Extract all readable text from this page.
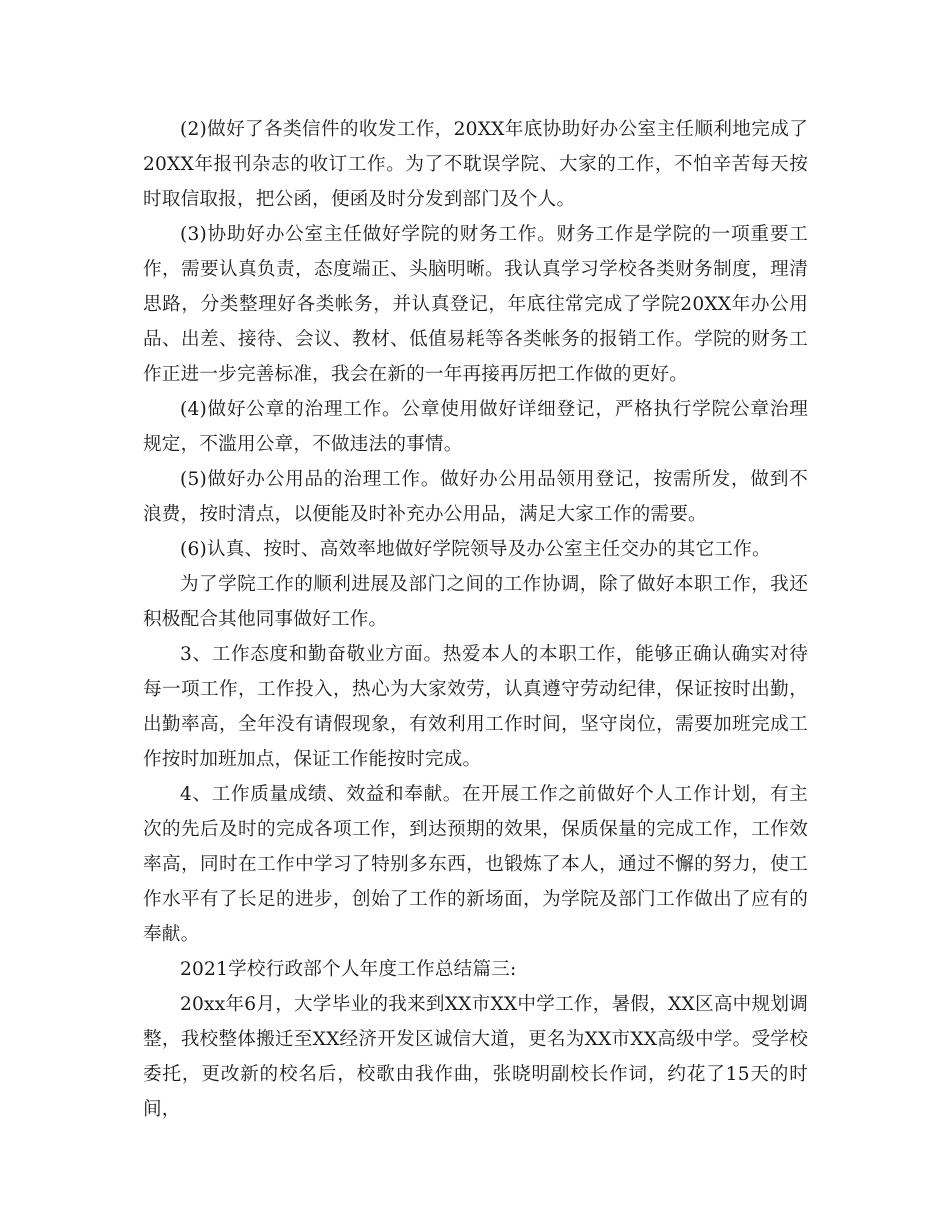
(2)做好了各类信件的收发工作，20XX年底协助好办公室主任顺利地完成了20XX年报刊杂志的收订工作。为了不耽误学院、大家的工作，不怕辛苦每天按时取信取报，把公函，便函及时分发到部门及个人。

(3)协助好办公室主任做好学院的财务工作。财务工作是学院的一项重要工作，需要认真负责，态度端正、头脑明晰。我认真学习学校各类财务制度，理清思路，分类整理好各类帐务，并认真登记，年底往常完成了学院20XX年办公用品、出差、接待、会议、教材、低值易耗等各类帐务的报销工作。学院的财务工作正进一步完善标准，我会在新的一年再接再厉把工作做的更好。

(4)做好公章的治理工作。公章使用做好详细登记，严格执行学院公章治理规定，不滥用公章，不做违法的事情。

(5)做好办公用品的治理工作。做好办公用品领用登记，按需所发，做到不浪费，按时清点，以便能及时补充办公用品，满足大家工作的需要。

(6)认真、按时、高效率地做好学院领导及办公室主任交办的其它工作。

为了学院工作的顺利进展及部门之间的工作协调，除了做好本职工作，我还积极配合其他同事做好工作。

3、工作态度和勤奋敬业方面。热爱本人的本职工作，能够正确认确实对待每一项工作，工作投入，热心为大家效劳，认真遵守劳动纪律，保证按时出勤，出勤率高，全年没有请假现象，有效利用工作时间，坚守岗位，需要加班完成工作按时加班加点，保证工作能按时完成。

4、工作质量成绩、效益和奉献。在开展工作之前做好个人工作计划，有主次的先后及时的完成各项工作，到达预期的效果，保质保量的完成工作，工作效率高，同时在工作中学习了特别多东西，也锻炼了本人，通过不懈的努力，使工作水平有了长足的进步，创始了工作的新场面，为学院及部门工作做出了应有的奉献。

2021学校行政部个人年度工作总结篇三:

20xx年6月，大学毕业的我来到XX市XX中学工作，暑假，XX区高中规划调整，我校整体搬迁至XX经济开发区诚信大道，更名为XX市XX高级中学。受学校委托，更改新的校名后，校歌由我作曲，张晓明副校长作词，约花了15天的时间，
